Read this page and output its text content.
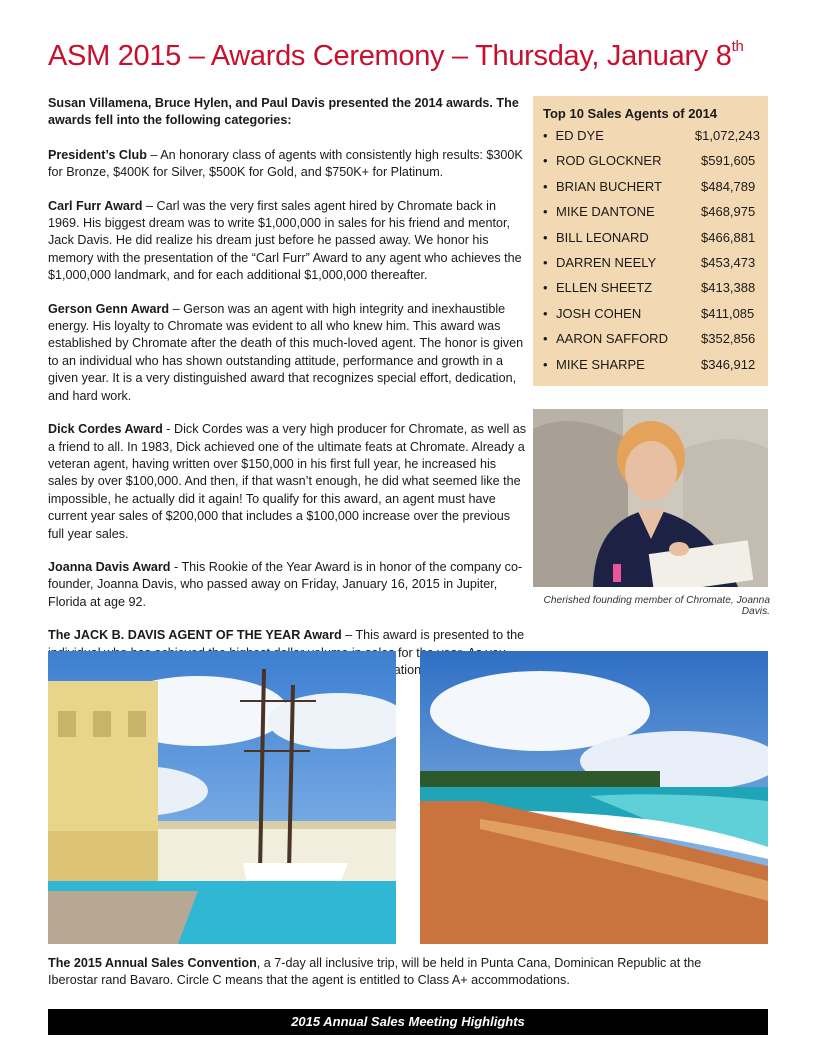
ASM 2015 – Awards Ceremony – Thursday, January 8th

Susan Villamena, Bruce Hylen, and Paul Davis presented the 2014 awards. The awards fell into the following categories:

President’s Club – An honorary class of agents with consistently high results: $300K for Bronze, $400K for Silver, $500K for Gold, and $750K+ for Platinum.

Carl Furr Award – Carl was the very first sales agent hired by Chromate back in 1969. His biggest dream was to write $1,000,000 in sales for his friend and mentor, Jack Davis. He did realize his dream just before he passed away. We honor his memory with the presentation of the “Carl Furr” Award to any agent who achieves the $1,000,000 landmark, and for each additional $1,000,000 thereafter.

Gerson Genn Award – Gerson was an agent with high integrity and inexhaustible energy. His loyalty to Chromate was evident to all who knew him. This award was established by Chromate after the death of this much-loved agent. The honor is given to an individual who has shown outstanding attitude, performance and growth in a given year. It is a very distinguished award that recognizes special effort, dedication, and hard work.

Dick Cordes Award - Dick Cordes was a very high producer for Chromate, as well as a friend to all. In 1983, Dick achieved one of the ultimate feats at Chromate. Already a veteran agent, having written over $150,000 in his first full year, he increased his sales by over $100,000. And then, if that wasn’t enough, he did what seemed like the impossible, he actually did it again! To qualify for this award, an agent must have current year sales of $200,000 that includes a $100,000 increase over the previous full year sales.

Joanna Davis Award - This Rookie of the Year Award is in honor of the company co-founder, Joanna Davis, who passed away on Friday, January 16, 2015 in Jupiter, Florida at age 92.

The JACK B. DAVIS AGENT OF THE YEAR Award – This award is presented to the for

Top 10 Sales Agents of 2014
• ED DYE	$1,072,243
• ROD GLOCKNER	$591,605
• BRIAN BUCHERT	$484,789
• MIKE DANTONE	$468,975
• BILL LEONARD	$466,881
• DARREN NEELY	$453,473
• ELLEN SHEETZ	$413,388
• JOSH COHEN	$411,085
• AARON SAFFORD	$352,856
• MIKE SHARPE	$346,912
Cherished founding member of Chromate, Joanna Davis.
The 2015 Annual Sales Convention, a 7-day all inclusive trip, will be held in Punta Cana, Dominican Republic at the Iberostar rand Bavaro. Circle C means that the agent is entitled to Class A+ accommodations.
2015 Annual Sales Meeting Highlights
